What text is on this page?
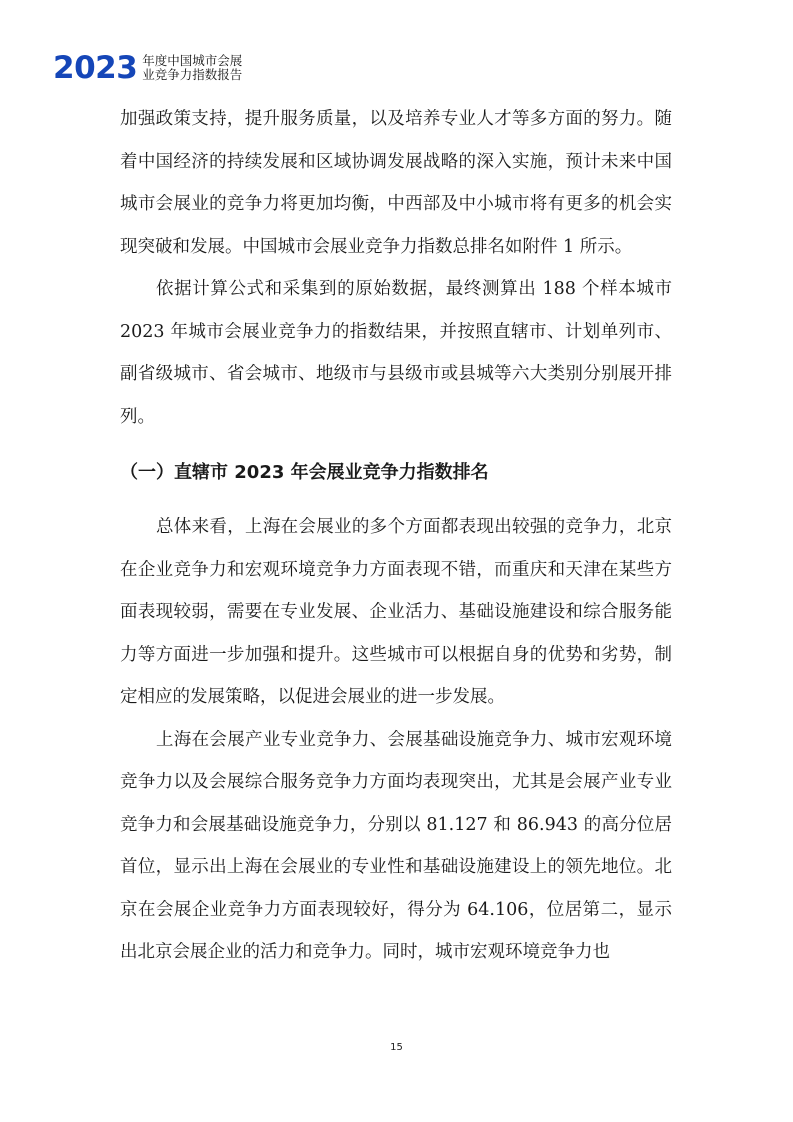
2023 年度中国城市会展
业竞争力指数报告

加强政策支持，提升服务质量，以及培养专业人才等多方面的努力。随着中国经济的持续发展和区域协调发展战略的深入实施，预计未来中国城市会展业的竞争力将更加均衡，中西部及中小城市将有更多的机会实现突破和发展。中国城市会展业竞争力指数总排名如附件 1 所示。

依据计算公式和采集到的原始数据，最终测算出 188 个样本城市 2023 年城市会展业竞争力的指数结果，并按照直辖市、计划单列市、 副省级城市、省会城市、地级市与县级市或县城等六大类别分别展开排列。

（一）直辖市 2023 年会展业竞争力指数排名

总体来看，上海在会展业的多个方面都表现出较强的竞争力，北京在企业竞争力和宏观环境竞争力方面表现不错，而重庆和天津在某些方面表现较弱，需要在专业发展、企业活力、基础设施建设和综合服务能力等方面进一步加强和提升。这些城市可以根据自身的优势和劣势，制定相应的发展策略，以促进会展业的进一步发展。

上海在会展产业专业竞争力、会展基础设施竞争力、城市宏观环境竞争力以及会展综合服务竞争力方面均表现突出，尤其是会展产业专业竞争力和会展基础设施竞争力，分别以 81.127 和 86.943 的高分位居首位，显示出上海在会展业的专业性和基础设施建设上的领先地位。北京在会展企业竞争力方面表现较好，得分为 64.106，位居第二，显示出北京会展企业的活力和竞争力。同时，城市宏观环境竞争力也

15
